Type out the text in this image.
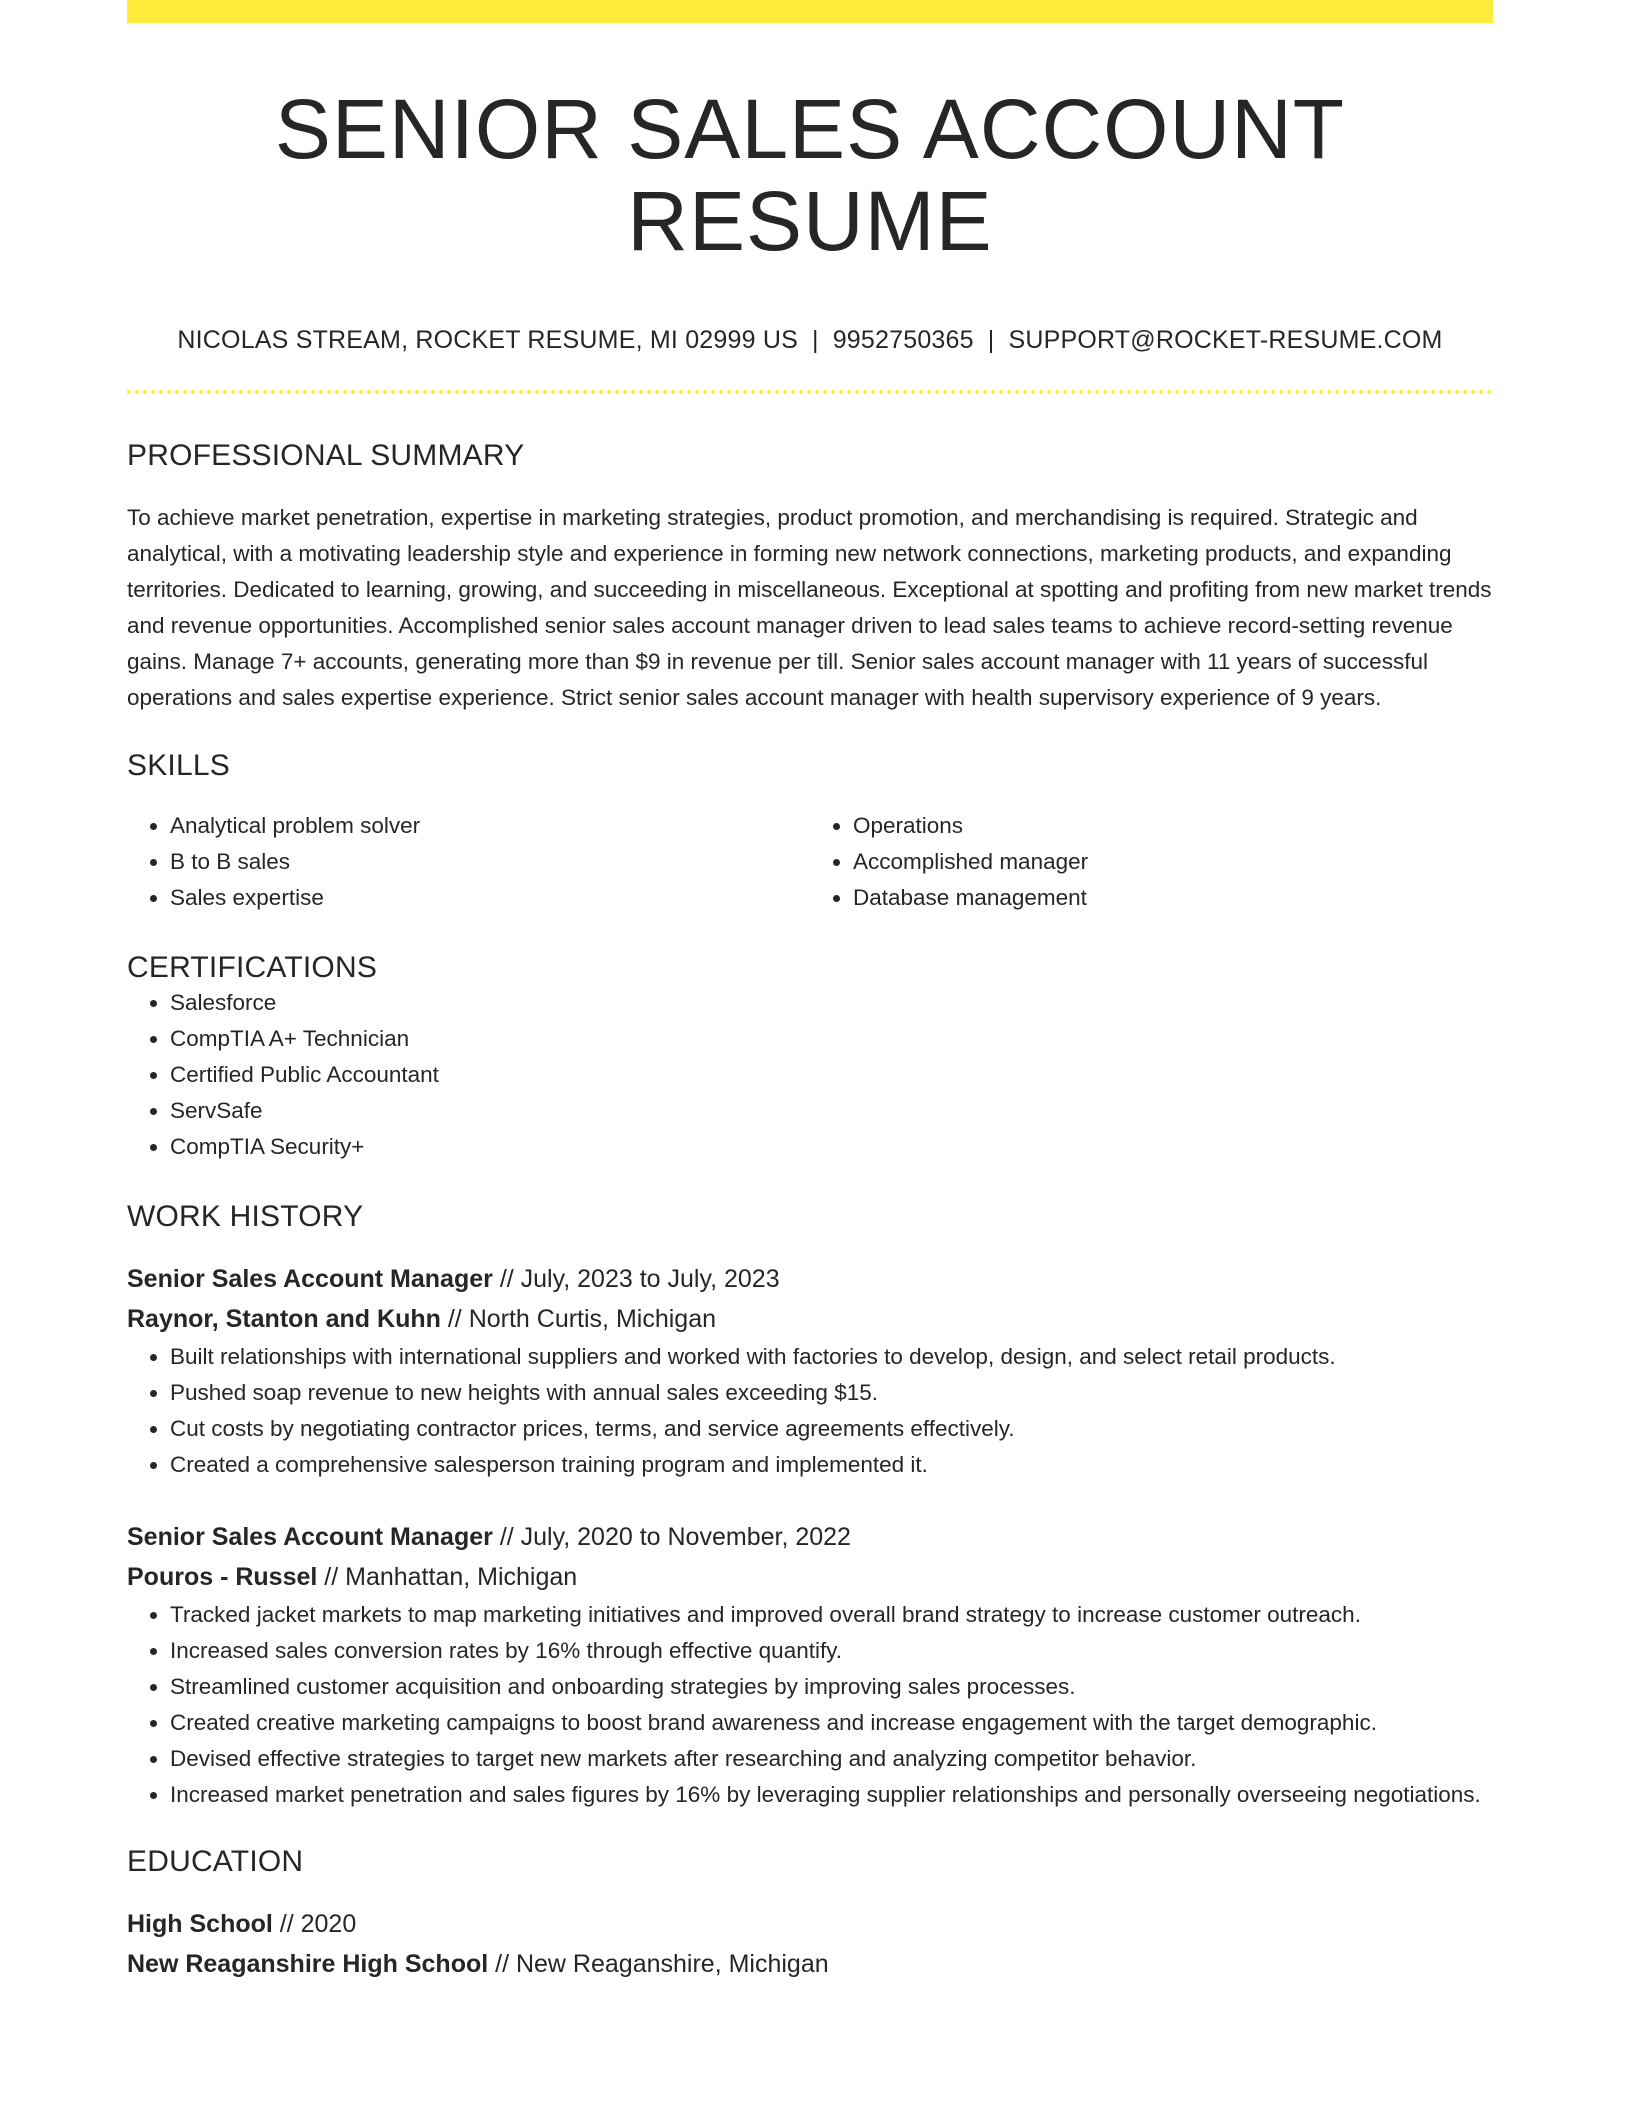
SENIOR SALES ACCOUNT RESUME
NICOLAS STREAM, ROCKET RESUME, MI 02999 US | 9952750365 | SUPPORT@ROCKET-RESUME.COM
PROFESSIONAL SUMMARY
To achieve market penetration, expertise in marketing strategies, product promotion, and merchandising is required. Strategic and analytical, with a motivating leadership style and experience in forming new network connections, marketing products, and expanding territories. Dedicated to learning, growing, and succeeding in miscellaneous. Exceptional at spotting and profiting from new market trends and revenue opportunities. Accomplished senior sales account manager driven to lead sales teams to achieve record-setting revenue gains. Manage 7+ accounts, generating more than $9 in revenue per till. Senior sales account manager with 11 years of successful operations and sales expertise experience. Strict senior sales account manager with health supervisory experience of 9 years.
SKILLS
• Analytical problem solver
• B to B sales
• Sales expertise
• Operations
• Accomplished manager
• Database management
CERTIFICATIONS
• Salesforce
• CompTIA A+ Technician
• Certified Public Accountant
• ServSafe
• CompTIA Security+
WORK HISTORY
Senior Sales Account Manager // July, 2023 to July, 2023
Raynor, Stanton and Kuhn // North Curtis, Michigan
• Built relationships with international suppliers and worked with factories to develop, design, and select retail products.
• Pushed soap revenue to new heights with annual sales exceeding $15.
• Cut costs by negotiating contractor prices, terms, and service agreements effectively.
• Created a comprehensive salesperson training program and implemented it.
Senior Sales Account Manager // July, 2020 to November, 2022
Pouros - Russel // Manhattan, Michigan
• Tracked jacket markets to map marketing initiatives and improved overall brand strategy to increase customer outreach.
• Increased sales conversion rates by 16% through effective quantify.
• Streamlined customer acquisition and onboarding strategies by improving sales processes.
• Created creative marketing campaigns to boost brand awareness and increase engagement with the target demographic.
• Devised effective strategies to target new markets after researching and analyzing competitor behavior.
• Increased market penetration and sales figures by 16% by leveraging supplier relationships and personally overseeing negotiations.
EDUCATION
High School // 2020
New Reaganshire High School // New Reaganshire, Michigan
